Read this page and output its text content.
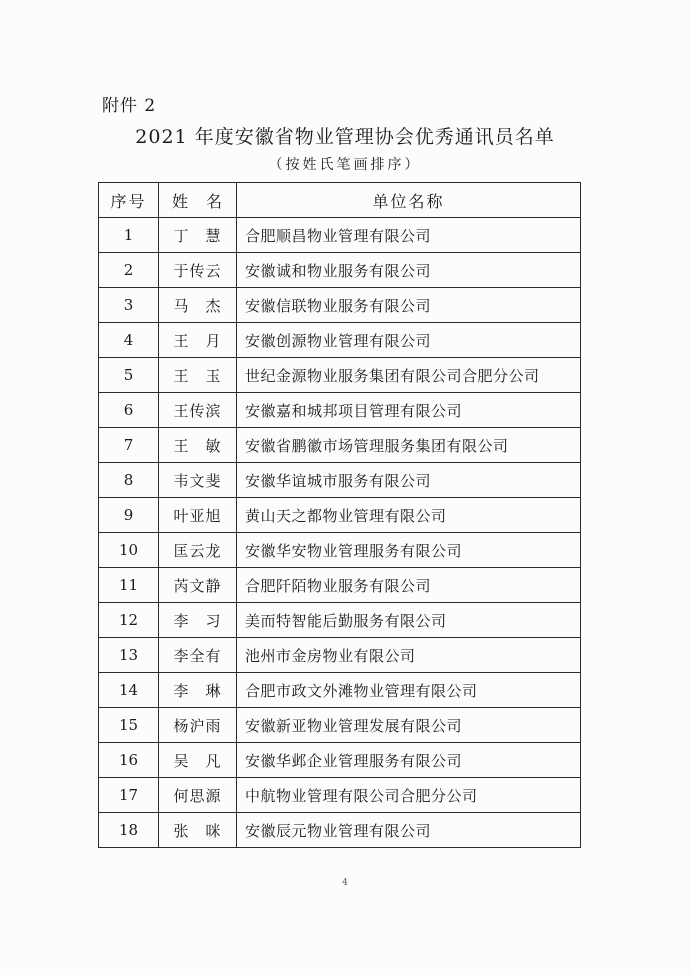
附件 2
2021 年度安徽省物业管理协会优秀通讯员名单
（按姓氏笔画排序）
序号	姓　名	单位名称
1	丁　慧	合肥顺昌物业管理有限公司
2	于传云	安徽诚和物业服务有限公司
3	马　杰	安徽信联物业服务有限公司
4	王　月	安徽创源物业管理有限公司
5	王　玉	世纪金源物业服务集团有限公司合肥分公司
6	王传滨	安徽嘉和城邦项目管理有限公司
7	王　敏	安徽省鹏徽市场管理服务集团有限公司
8	韦文斐	安徽华谊城市服务有限公司
9	叶亚旭	黄山天之都物业管理有限公司
10	匡云龙	安徽华安物业管理服务有限公司
11	芮文静	合肥阡陌物业服务有限公司
12	李　习	美而特智能后勤服务有限公司
13	李全有	池州市金房物业有限公司
14	李　琳	合肥市政文外滩物业管理有限公司
15	杨沪雨	安徽新亚物业管理发展有限公司
16	吴　凡	安徽华邺企业管理服务有限公司
17	何思源	中航物业管理有限公司合肥分公司
18	张　咪	安徽辰元物业管理有限公司
4
